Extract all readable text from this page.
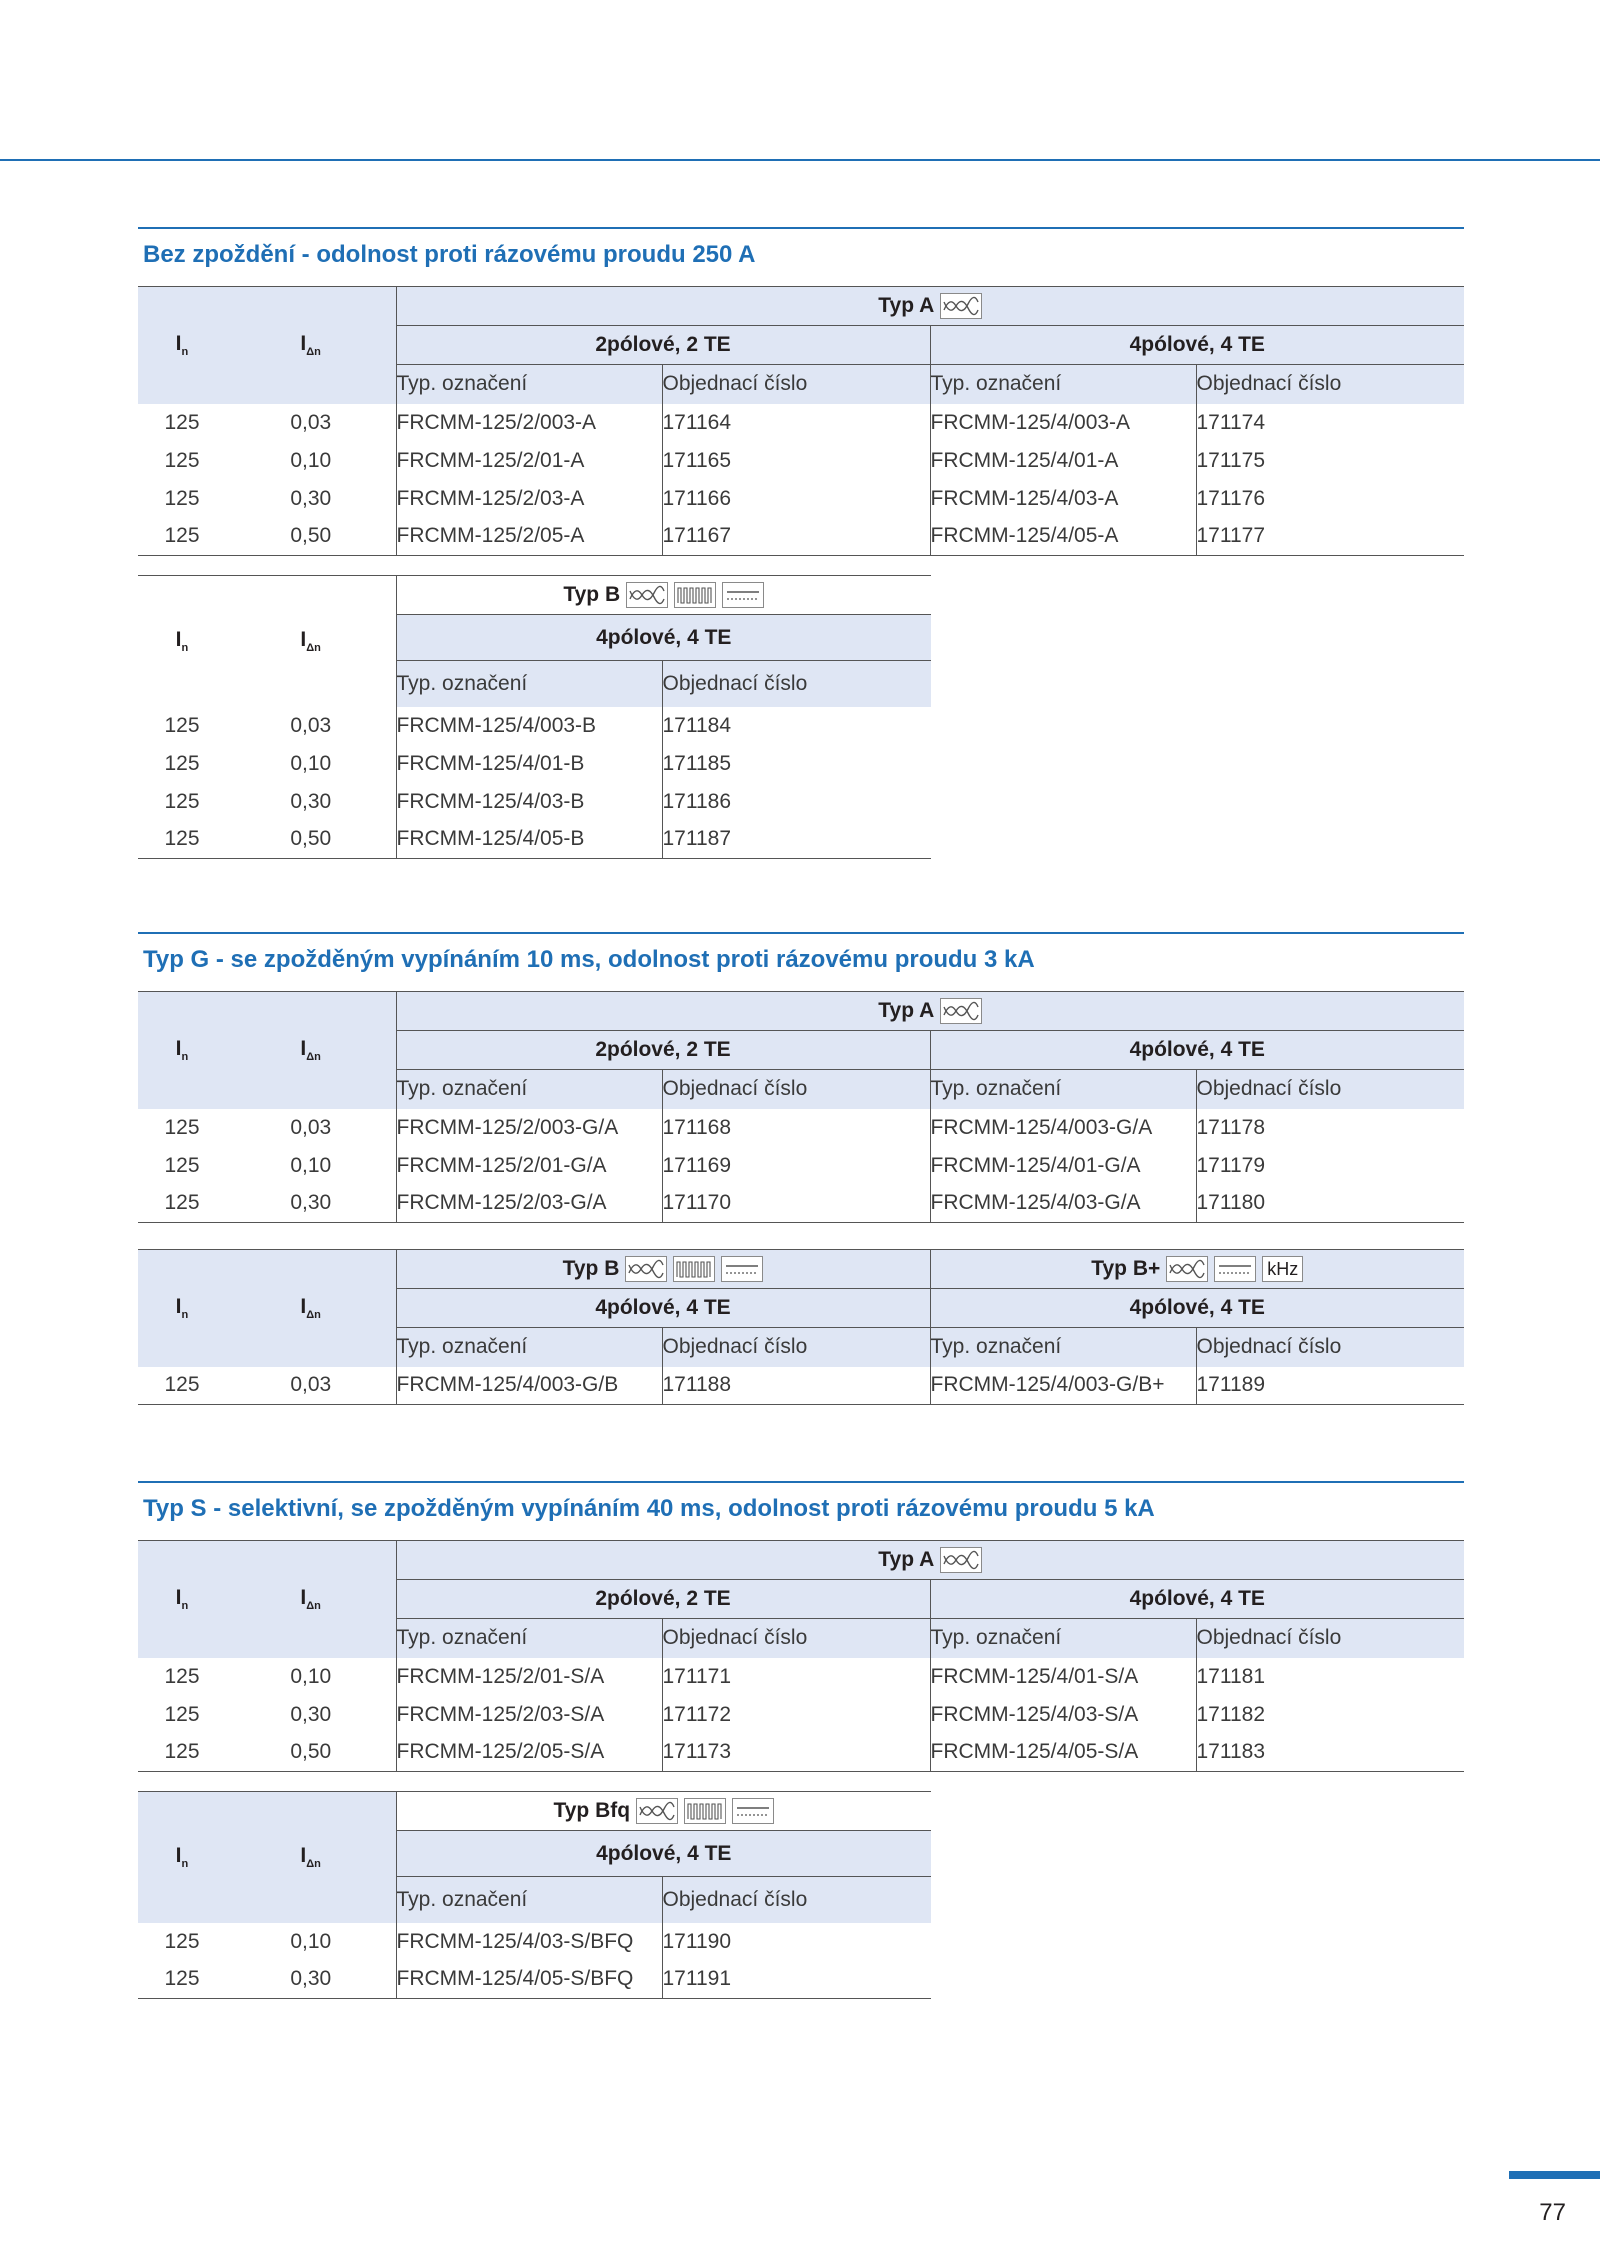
Bez zpoždění - odolnost proti rázovému proudu 250 A
$I_n$ $I_{\Delta n}$		Typ A			

		2pólové, 2 TE		4pólové, 4 TE	
		Typ. označení	Objednací číslo	Typ. označení	Objednací číslo
125	0,03	FRCMM-125/2/003-A	171164	FRCMM-125/4/003-A	171174
125	0,10	FRCMM-125/2/01-A	171165	FRCMM-125/4/01-A	171175
125	0,30	FRCMM-125/2/03-A	171166	FRCMM-125/4/03-A	171176
125	0,50	FRCMM-125/2/05-A	171167	FRCMM-125/4/05-A	171177
$I_n$ $I_{\Delta n}$		Typ B	

		4pólové, 4 TE	
		Typ. označení	Objednací číslo
125	0,03	FRCMM-125/4/003-B	171184
125	0,10	FRCMM-125/4/01-B	171185
125	0,30	FRCMM-125/4/03-B	171186
125	0,50	FRCMM-125/4/05-B	171187
Typ G - se zpožděným vypínáním 10 ms, odolnost proti rázovému proudu 3 kA
$I_n$ $I_{\Delta n}$		Typ A			

		2pólové, 2 TE		4pólové, 4 TE	
		Typ. označení	Objednací číslo	Typ. označení	Objednací číslo
125	0,03	FRCMM-125/2/003-G/A	171168	FRCMM-125/4/003-G/A	171178
125	0,10	FRCMM-125/2/01-G/A	171169	FRCMM-125/4/01-G/A	171179
125	0,30	FRCMM-125/2/03-G/A	171170	FRCMM-125/4/03-G/A	171180
$I_n$ $I_{\Delta n}$		Typ B		Typ B+ kHz	

		4pólové, 4 TE		4pólové, 4 TE	
		Typ. označení	Objednací číslo	Typ. označení	Objednací číslo
125	0,03	FRCMM-125/4/003-G/B	171188	FRCMM-125/4/003-G/B+	171189
Typ S - selektivní, se zpožděným vypínáním 40 ms, odolnost proti rázovému proudu 5 kA
$I_n$ $I_{\Delta n}$		Typ A			

		2pólové, 2 TE		4pólové, 4 TE	
		Typ. označení	Objednací číslo	Typ. označení	Objednací číslo
125	0,10	FRCMM-125/2/01-S/A	171171	FRCMM-125/4/01-S/A	171181
125	0,30	FRCMM-125/2/03-S/A	171172	FRCMM-125/4/03-S/A	171182
125	0,50	FRCMM-125/2/05-S/A	171173	FRCMM-125/4/05-S/A	171183
$I_n$ $I_{\Delta n}$		Typ Bfq	

		4pólové, 4 TE	
		Typ. označení	Objednací číslo
125	0,10	FRCMM-125/4/03-S/BFQ	171190
125	0,30	FRCMM-125/4/05-S/BFQ	171191
77
